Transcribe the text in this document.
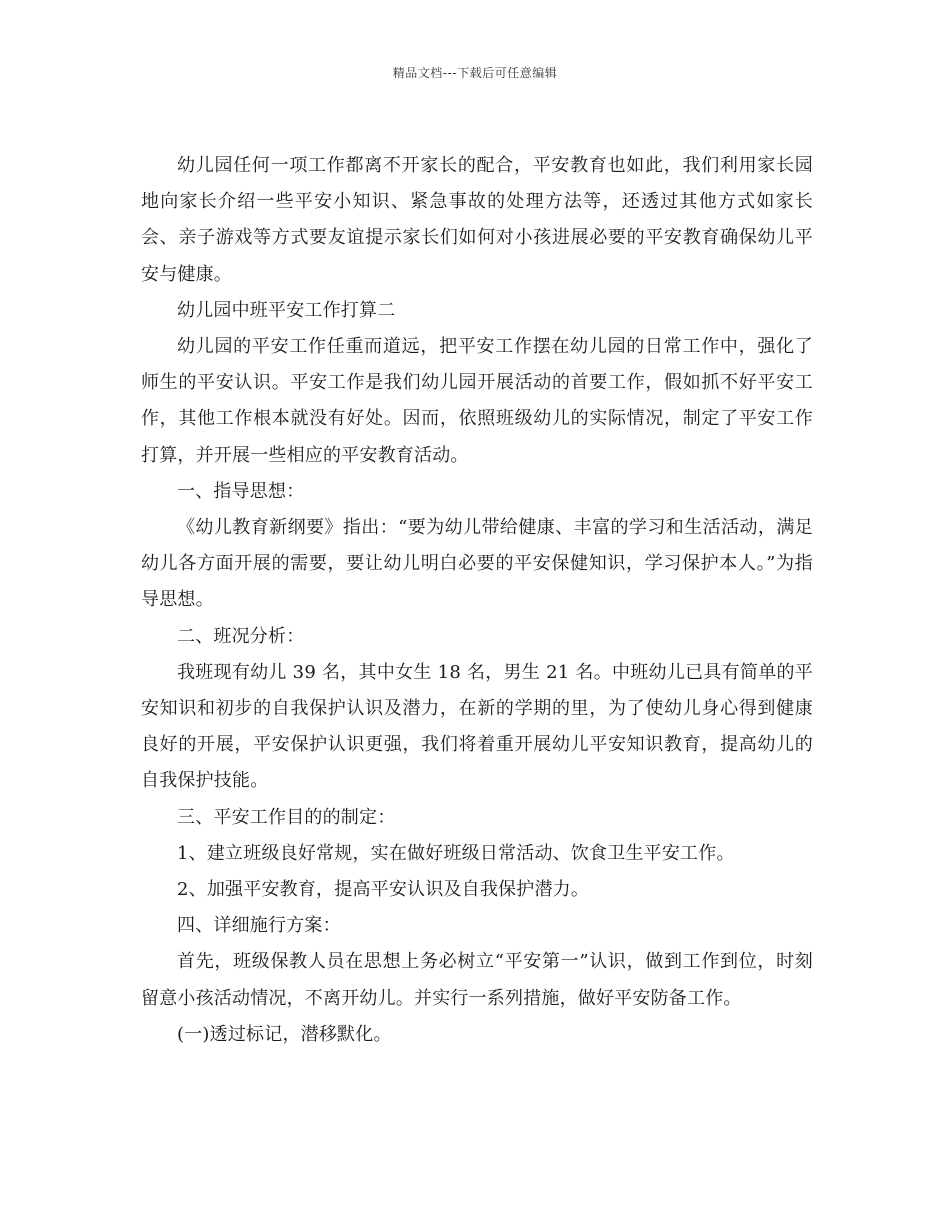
精品文档---下载后可任意编辑

幼儿园任何一项工作都离不开家长的配合，平安教育也如此，我们利用家长园地向家长介绍一些平安小知识、紧急事故的处理方法等，还透过其他方式如家长会、亲子游戏等方式要友谊提示家长们如何对小孩进展必要的平安教育确保幼儿平安与健康。

幼儿园中班平安工作打算二

幼儿园的平安工作任重而道远，把平安工作摆在幼儿园的日常工作中，强化了师生的平安认识。平安工作是我们幼儿园开展活动的首要工作，假如抓不好平安工作，其他工作根本就没有好处。因而，依照班级幼儿的实际情况，制定了平安工作打算，并开展一些相应的平安教育活动。

一、指导思想：

《幼儿教育新纲要》指出：“要为幼儿带给健康、丰富的学习和生活活动，满足幼儿各方面开展的需要，要让幼儿明白必要的平安保健知识，学习保护本人。”为指导思想。

二、班况分析：

我班现有幼儿 39 名，其中女生 18 名，男生 21 名。中班幼儿已具有简单的平安知识和初步的自我保护认识及潜力，在新的学期的里，为了使幼儿身心得到健康良好的开展，平安保护认识更强，我们将着重开展幼儿平安知识教育，提高幼儿的自我保护技能。

三、平安工作目的的制定：

1、建立班级良好常规，实在做好班级日常活动、饮食卫生平安工作。

2、加强平安教育，提高平安认识及自我保护潜力。

四、详细施行方案：

首先，班级保教人员在思想上务必树立“平安第一”认识，做到工作到位，时刻留意小孩活动情况，不离开幼儿。并实行一系列措施，做好平安防备工作。

(一)透过标记，潜移默化。
